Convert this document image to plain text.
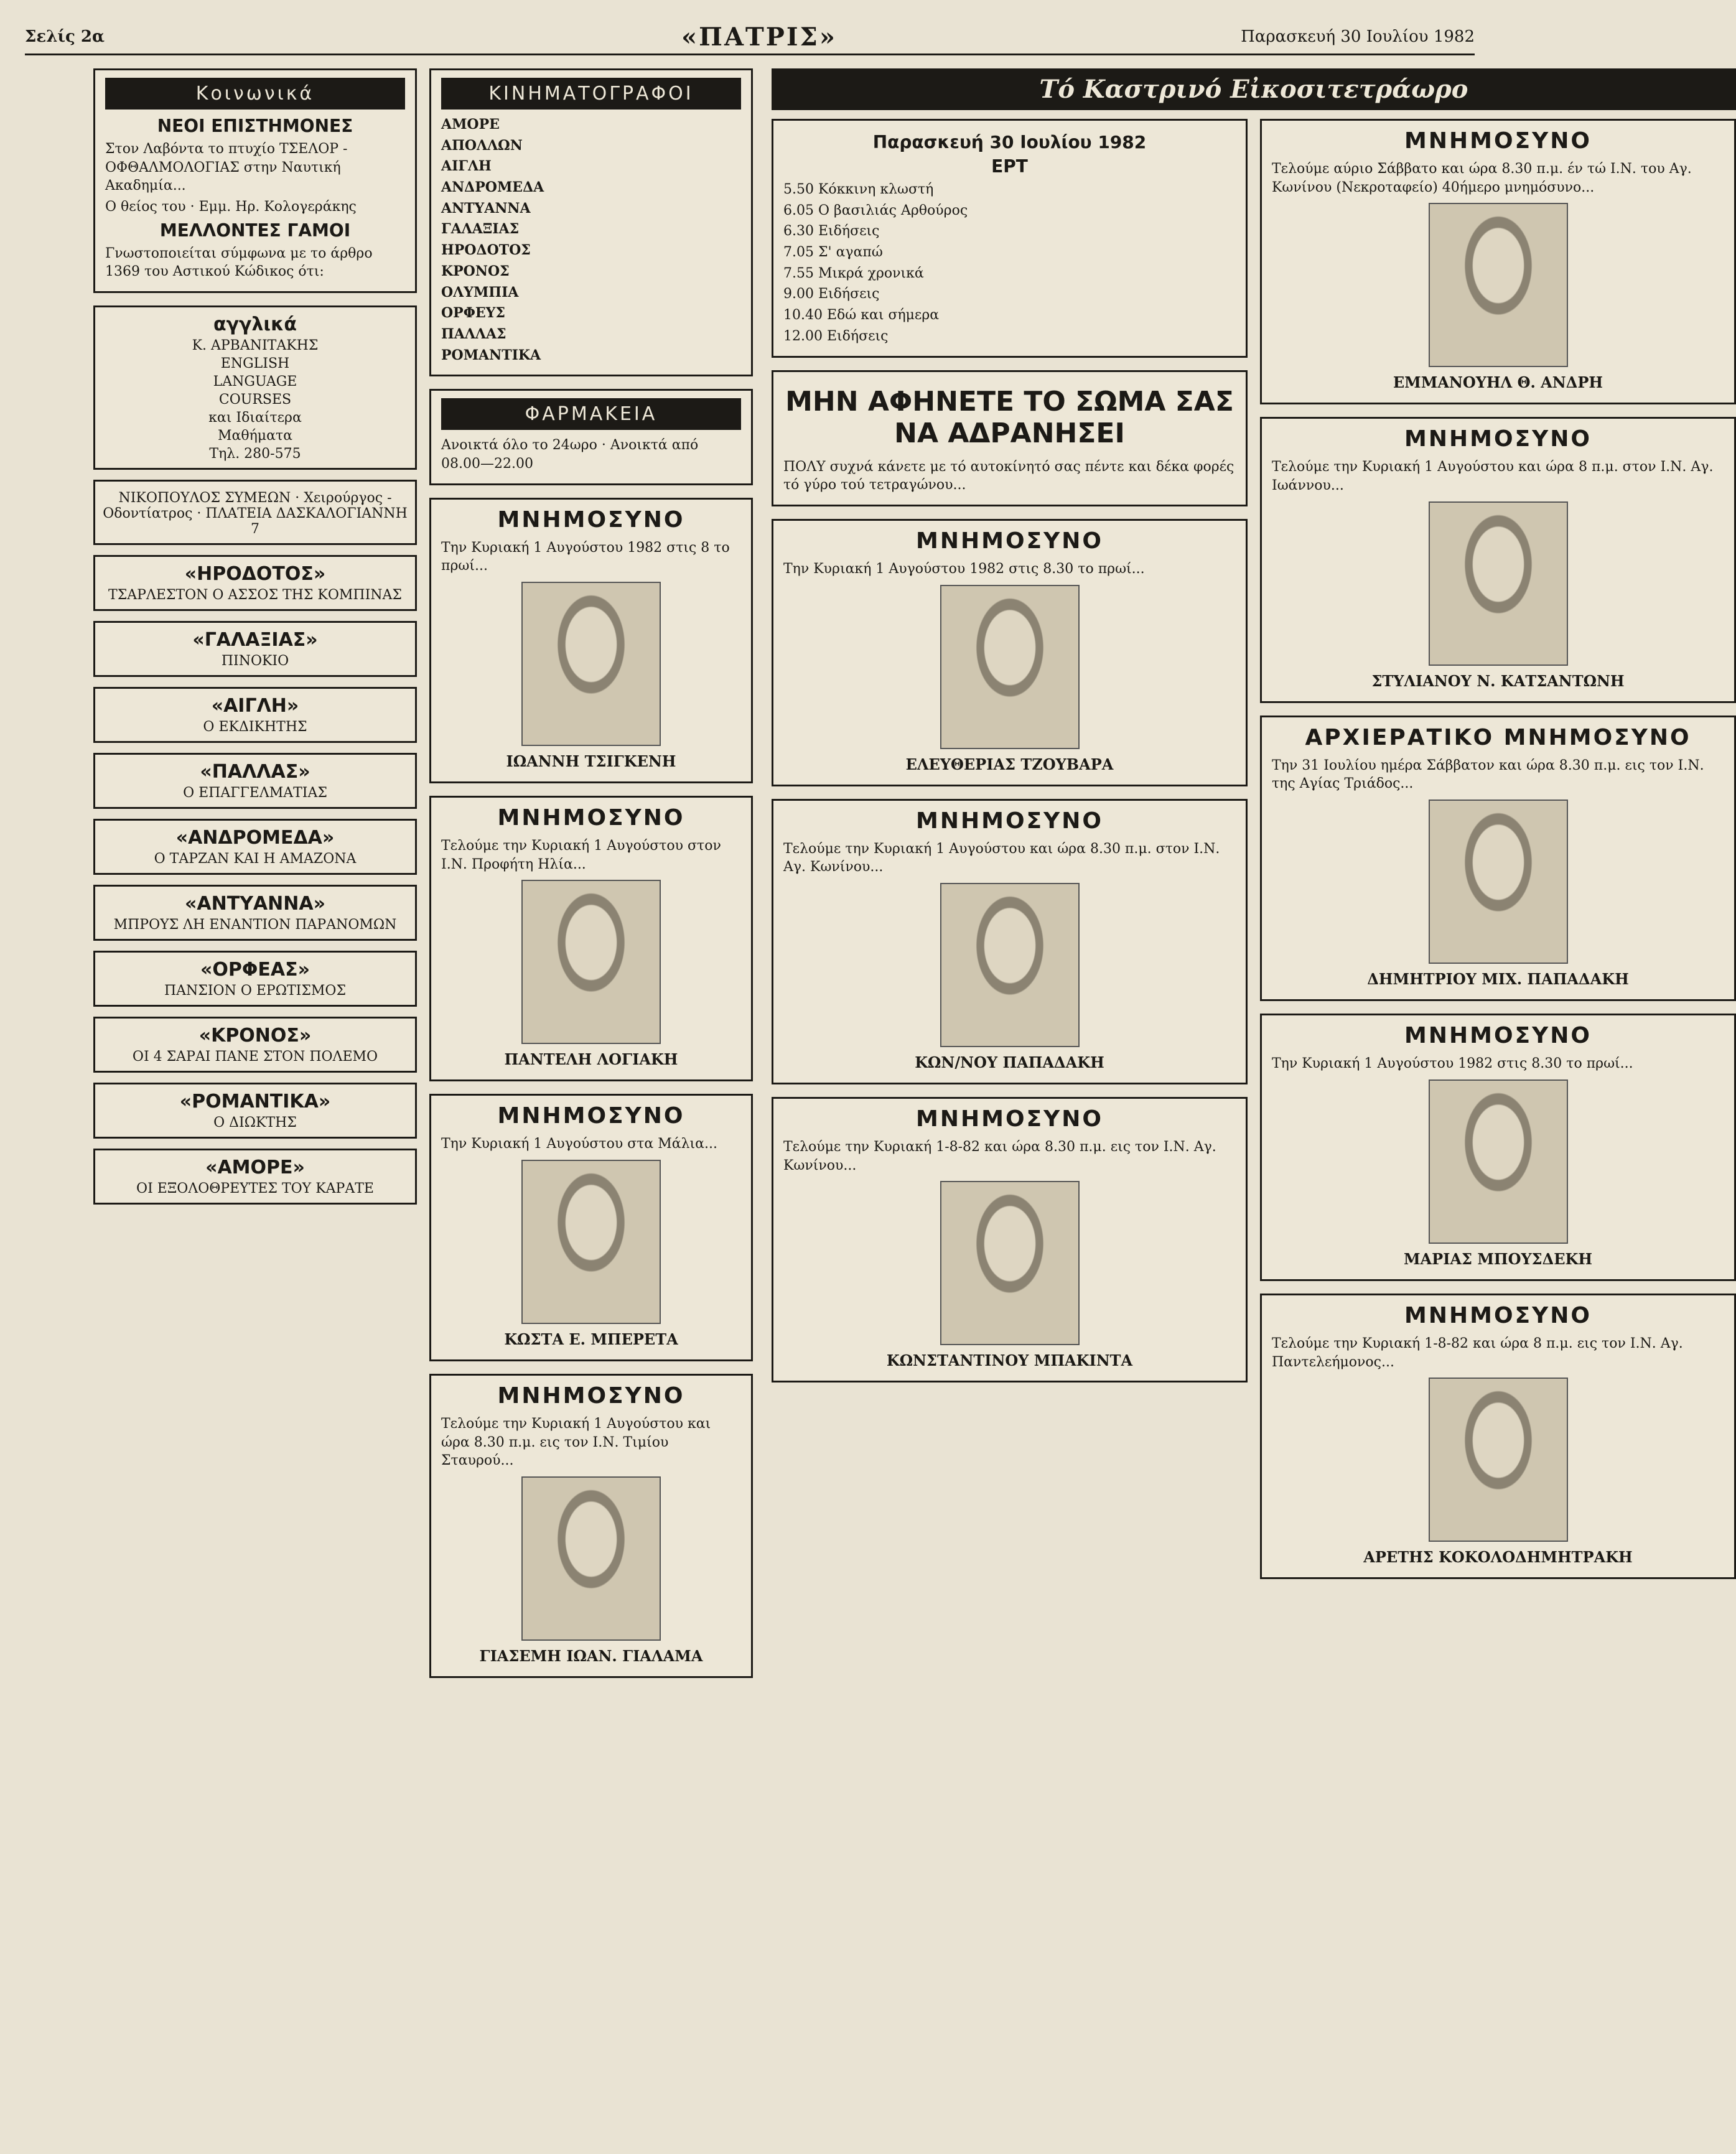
Σελίς 2α	«ΠΑΤΡΙΣ»	Παρασκευή 30 Ιουλίου 1982
Κοινωνικά
ΝΕΟΙ ΕΠΙΣΤΗΜΟΝΕΣ

Στον Λαβόντα το πτυχίο ΤΣΕΛΟΡ - ΟΦΘΑΛΜΟΛΟΓΙΑΣ στην Ναυτική Ακαδημία...

Ο θείος του · Εμμ. Ηρ. Κολογεράκης

ΜΕΛΛΟΝΤΕΣ ΓΑΜΟΙ

Γνωστοποιείται σύμφωνα με το άρθρο 1369 του Αστικού Κώδικος ότι:

αγγλικά
Κ. ΑΡΒΑΝΙΤΑΚΗΣ
ENGLISH
LANGUAGE
COURSES
και Ιδιαίτερα
Μαθήματα
Τηλ. 280-575
ΝΙΚΟΠΟΥΛΟΣ ΣΥΜΕΩΝ · Χειρούργος - Οδοντίατρος · ΠΛΑΤΕΙΑ ΔΑΣΚΑΛΟΓΙΑΝΝΗ 7
«ΗΡΟΔΟΤΟΣ»
ΤΣΑΡΛΕΣΤΟΝ Ο ΑΣΣΟΣ ΤΗΣ ΚΟΜΠΙΝΑΣ
«ΓΑΛΑΞΙΑΣ»
ΠΙΝΟΚΙΟ
«ΑΙΓΛΗ»
Ο ΕΚΔΙΚΗΤΗΣ
«ΠΑΛΛΑΣ»
Ο ΕΠΑΓΓΕΛΜΑΤΙΑΣ
«ΑΝΔΡΟΜΕΔΑ»
Ο ΤΑΡΖΑΝ ΚΑΙ Η ΑΜΑΖΟΝΑ
«ΑΝΤΥΑΝΝΑ»
ΜΠΡΟΥΣ ΛΗ ΕΝΑΝΤΙΟΝ ΠΑΡΑΝΟΜΩΝ
«ΟΡΦΕΑΣ»
ΠΑΝΣΙΟΝ Ο ΕΡΩΤΙΣΜΟΣ
«ΚΡΟΝΟΣ»
ΟΙ 4 ΣΑΡΑΙ ΠΑΝΕ ΣΤΟΝ ΠΟΛΕΜΟ
«ΡΟΜΑΝΤΙΚΑ»
Ο ΔΙΩΚΤΗΣ
«ΑΜΟΡΕ»
ΟΙ ΕΞΟΛΟΘΡΕΥΤΕΣ ΤΟΥ ΚΑΡΑΤΕ
ΚΙΝΗΜΑΤΟΓΡΑΦΟΙ

ΑΜΟΡΕ

ΑΠΟΛΛΩΝ

ΑΙΓΛΗ

ΑΝΔΡΟΜΕΔΑ

ΑΝΤΥΑΝΝΑ

ΓΑΛΑΞΙΑΣ

ΗΡΟΔΟΤΟΣ

ΚΡΟΝΟΣ

ΟΛΥΜΠΙΑ

ΟΡΦΕΥΣ

ΠΑΛΛΑΣ

ΡΟΜΑΝΤΙΚΑ

ΦΑΡΜΑΚΕΙΑ

Ανοικτά όλο το 24ωρο · Ανοικτά από 08.00—22.00

ΜΝΗΜΟΣΥΝΟ

Την Κυριακή 1 Αυγούστου 1982 στις 8 το πρωί...

ΙΩΑΝΝΗ ΤΣΙΓΚΕΝΗ
ΜΝΗΜΟΣΥΝΟ

Τελούμε την Κυριακή 1 Αυγούστου στον Ι.Ν. Προφήτη Ηλία...

ΠΑΝΤΕΛΗ ΛΟΓΙΑΚΗ
ΜΝΗΜΟΣΥΝΟ

Την Κυριακή 1 Αυγούστου στα Μάλια...

ΚΩΣΤΑ Ε. ΜΠΕΡΕΤΑ
ΜΝΗΜΟΣΥΝΟ

Τελούμε την Κυριακή 1 Αυγούστου και ώρα 8.30 π.μ. εις τον Ι.Ν. Τιμίου Σταυρού...

ΓΙΑΣΕΜΗ ΙΩΑΝ. ΓΙΑΛΑΜΑ
Τό Καστρινό Εἰκοσιτετράωρο
Παρασκευή 30 Ιουλίου 1982
ΕΡΤ

5.50 Κόκκινη κλωστή

6.05 Ο βασιλιάς Αρθούρος

6.30 Ειδήσεις

7.05 Σ' αγαπώ

7.55 Μικρά χρονικά

9.00 Ειδήσεις

10.40 Εδώ και σήμερα

12.00 Ειδήσεις

ΜΗΝ ΑΦΗΝΕΤΕ ΤΟ ΣΩΜΑ ΣΑΣ ΝΑ ΑΔΡΑΝΗΣΕΙ

ΠΟΛΥ συχνά κάνετε με τό αυτοκίνητό σας πέντε και δέκα φορές τό γύρο τού τετραγώνου...

ΜΝΗΜΟΣΥΝΟ

Την Κυριακή 1 Αυγούστου 1982 στις 8.30 το πρωί...

ΕΛΕΥΘΕΡΙΑΣ ΤΖΟΥΒΑΡΑ
ΜΝΗΜΟΣΥΝΟ

Τελούμε την Κυριακή 1 Αυγούστου και ώρα 8.30 π.μ. στον Ι.Ν. Αγ. Κωνίνου...

ΚΩΝ/ΝΟΥ ΠΑΠΑΔΑΚΗ
ΜΝΗΜΟΣΥΝΟ

Τελούμε την Κυριακή 1-8-82 και ώρα 8.30 π.μ. εις τον Ι.Ν. Αγ. Κωνίνου...

ΚΩΝΣΤΑΝΤΙΝΟΥ ΜΠΑΚΙΝΤΑ
ΜΝΗΜΟΣΥΝΟ

Τελούμε αύριο Σάββατο και ώρα 8.30 π.μ. έν τώ Ι.Ν. του Αγ. Κωνίνου (Νεκροταφείο) 40ήμερο μνημόσυνο...

ΕΜΜΑΝΟΥΗΛ Θ. ΑΝΔΡΗ
ΜΝΗΜΟΣΥΝΟ

Τελούμε την Κυριακή 1 Αυγούστου και ώρα 8 π.μ. στον Ι.Ν. Αγ. Ιωάννου...

ΣΤΥΛΙΑΝΟΥ Ν. ΚΑΤΣΑΝΤΩΝΗ
ΑΡΧΙΕΡΑΤΙΚΟ ΜΝΗΜΟΣΥΝΟ

Την 31 Ιουλίου ημέρα Σάββατον και ώρα 8.30 π.μ. εις τον Ι.Ν. της Αγίας Τριάδος...

ΔΗΜΗΤΡΙΟΥ ΜΙΧ. ΠΑΠΑΔΑΚΗ
ΜΝΗΜΟΣΥΝΟ

Την Κυριακή 1 Αυγούστου 1982 στις 8.30 το πρωί...

ΜΑΡΙΑΣ ΜΠΟΥΣΔΕΚΗ
ΜΝΗΜΟΣΥΝΟ

Τελούμε την Κυριακή 1-8-82 και ώρα 8 π.μ. εις τον Ι.Ν. Αγ. Παντελεήμονος...

ΑΡΕΤΗΣ ΚΟΚΟΛΟΔΗΜΗΤΡΑΚΗ
